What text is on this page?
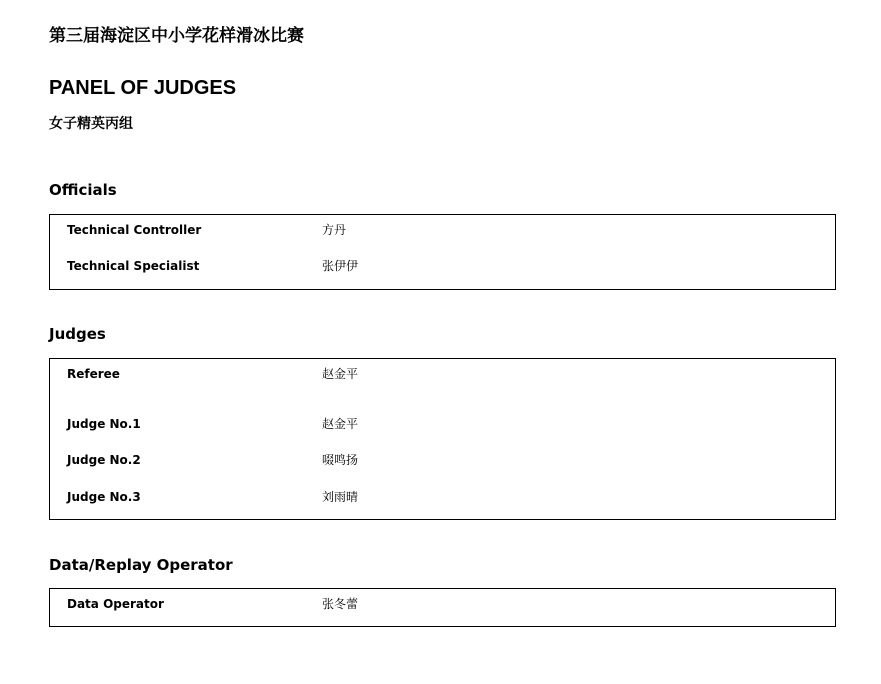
第三届海淀区中小学花样滑冰比赛
PANEL OF JUDGES
女子精英丙组
Officials
Technical Controller	方丹
Technical Specialist	张伊伊
Judges
Referee	赵金平
Judge No.1	赵金平
Judge No.2	啜鸣扬
Judge No.3	刘雨晴
Data/Replay Operator
Data Operator	张冬蕾
